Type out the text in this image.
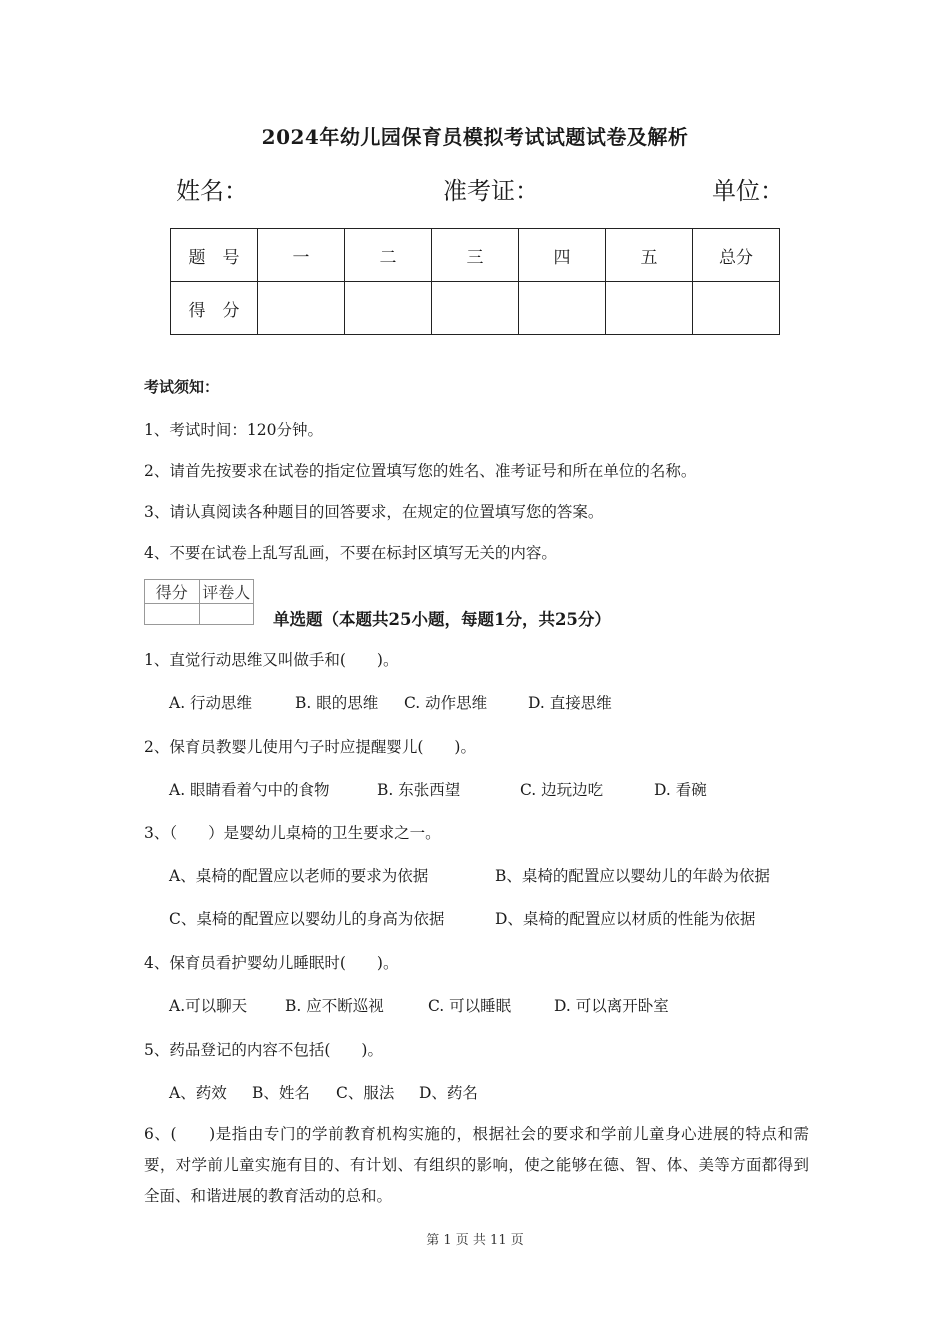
2024年幼儿园保育员模拟考试试题试卷及解析
姓名：	准考证：	单位：
题　号	一	二	三	四	五	总分
得　分						
考试须知：
1、考试时间：120分钟。
2、请首先按要求在试卷的指定位置填写您的姓名、准考证号和所在单位的名称。
3、请认真阅读各种题目的回答要求，在规定的位置填写您的答案。
4、不要在试卷上乱写乱画，不要在标封区填写无关的内容。
得分	评卷人

单选题（本题共25小题，每题1分，共25分）
1、直觉行动思维又叫做手和(　　)。
A. 行动思维	B. 眼的思维 C. 动作思维	D. 直接思维
2、保育员教婴儿使用勺子时应提醒婴儿(　　)。
A. 眼睛看着勺中的食物	B. 东张西望	C. 边玩边吃	D. 看碗
3、（　　）是婴幼儿桌椅的卫生要求之一。
A、桌椅的配置应以老师的要求为依据	B、桌椅的配置应以婴幼儿的年龄为依据
C、桌椅的配置应以婴幼儿的身高为依据	D、桌椅的配置应以材质的性能为依据
4、保育员看护婴幼儿睡眠时(　　)。
A.可以聊天 B. 应不断巡视	C. 可以睡眠	D. 可以离开卧室
5、药品登记的内容不包括(　　)。
A、药效 B、姓名 C、服法 D、药名
6、(　　)是指由专门的学前教育机构实施的，根据社会的要求和学前儿童身心进展的特点和需要，对学前儿童实施有目的、有计划、有组织的影响，使之能够在德、智、体、美等方面都得到全面、和谐进展的教育活动的总和。
第 1 页 共 11 页
